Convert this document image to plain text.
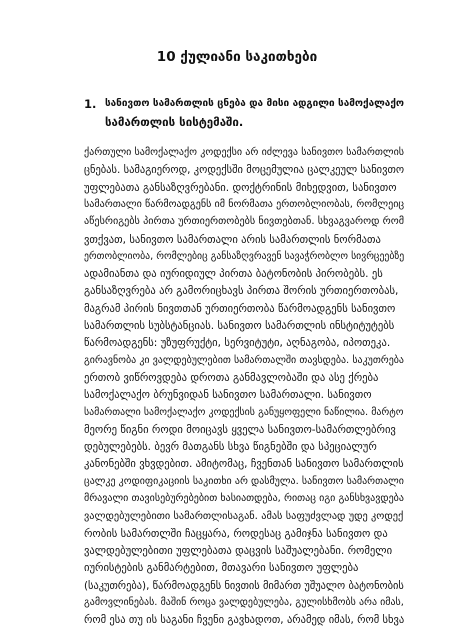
10 ქულიანი საკითხები
1. სანივთო სამართლის ცნება და მისი ადგილი სამოქალაქო
სამართლის სისტემაში.
ქართული სამოქალაქო კოდექსი არ იძლევა სანივთო სამართლის
ცნებას. სამაგიეროდ, კოდექსში მოცემულია ცალკეულ სანივთო
უფლებათა განსაზღვრებანი. დოქტრინის მიხედვით, სანივთო
სამართალი წარმოადგენს იმ ნორმათა ერთობლიობას, რომლეიც
აწესრიგებს პირთა ურთიერთობებს ნივთებთან. სხვაგვაროდ რომ
ვთქვათ, სანივთო სამართალი არის სამართლის ნორმათა
ერთობლიობა, რომლებიც განსაზღვრავენ სავაჭრობლო სივრცეებზე
ადამიანთა და იურიდიულ პირთა ბატონობის პირობებს. ეს
განსაზღვრება არ გამორიცხავს პირთა შორის ურთიერთობას,
მაგრამ პირის ნივთთან ურთიერთობა წარმოადგენს სანივთო
სამართლის სუბსტანციას. სანივთო სამართლის ინსტიტუტებს
წარმოადგენს: უზუფრუქტი, სერვიტუტი, აღნაგობა, იპოთეკა.
გირავნობა კი ვალდებულებით სამართალში თავსდება. საკუთრება
ერთობ ვიწროვდება დროთა განმავლობაში და ასე ქრება
სამოქალაქო ბრუნვიდან სანივთო სამართალი. სანივთო
სამართალი სამოქალაქო კოდექსის განუყოფელი ნაწილია. მარტო
მეორე წიგნი როდი მოიცავს ყველა სანივთო-სამართლებრივ
დებულებებს. ბევრ მათგანს სხვა წიგნებში და სპეციალურ
კანონებში ვხვდებით. ამიტომაც, ჩვენთან სანივთო სამართლის
ცალკე კოდიფიკაციის საკითხი არ დასმულა. სანივთო სამართალი
მრავალი თავისებურებებით ხასიათდება, რითაც იგი განსხვავდება
ვალდებულებითი სამართლისაგან. ამას საფუძვლად უდე კოდექ
რობის სამართლში ჩაცყარა, როდესაც გამიჯნა სანივთო და
ვალდებულებითი უფლებათა დაცვის საშუალებანი. რომელი
იურისტების განმარტებით, მთავარი სანივთო უფლება
(საკუთრება), წარმოადგენს ნივთის მიმართ უშუალო ბატონობის
გამოვლინებას. მაშინ როცა ვალდებულება, გულისხმობს არა იმას,
რომ ესა თუ ის საგანი ჩვენი გავხადოთ, არამედ იმას, რომ სხვა
